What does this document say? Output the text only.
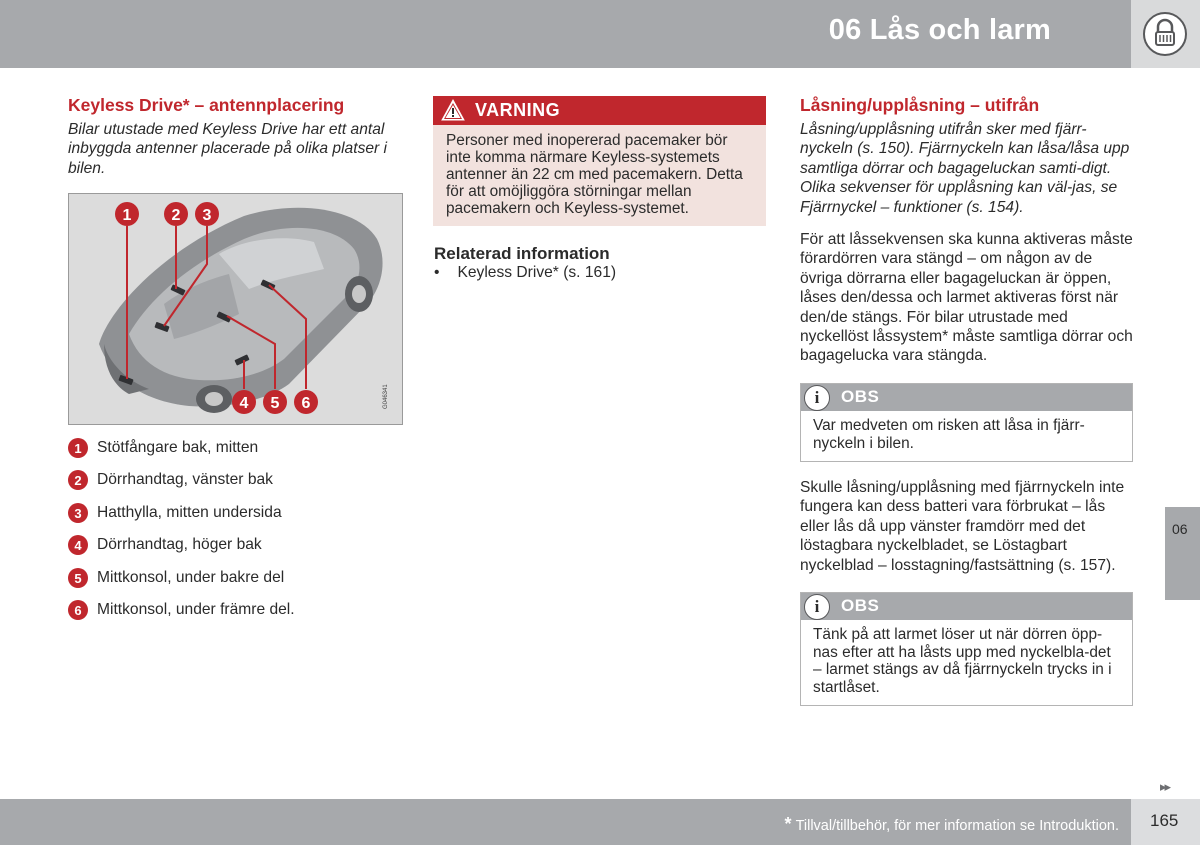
06 Lås och larm
Keyless Drive* – antennplacering
Bilar utustade med Keyless Drive har ett antal inbyggda antenner placerade på olika platser i bilen.
1	2 3
4 5 6	G046341
1 Stötfångare bak, mitten
2 Dörrhandtag, vänster bak
3 Hatthylla, mitten undersida
4 Dörrhandtag, höger bak
5 Mittkonsol, under bakre del
6 Mittkonsol, under främre del.
VARNING
Personer med inopererad pacemaker bör inte komma närmare Keyless-systemets antenner än 22 cm med pacemakern. Detta för att omöjliggöra störningar mellan pacemakern och Keyless-systemet.
Relaterad information
• Keyless Drive* (s. 161)
Låsning/upplåsning – utifrån
Låsning/upplåsning utifrån sker med fjärr-nyckeln (s. 150). Fjärrnyckeln kan låsa/låsa upp samtliga dörrar och bagageluckan samti-digt. Olika sekvenser för upplåsning kan väl-jas, se Fjärrnyckel – funktioner (s. 154).
För att låssekvensen ska kunna aktiveras måste förardörren vara stängd – om någon av de övriga dörrarna eller bagageluckan är öppen, låses den/dessa och larmet aktiveras först när den/de stängs. För bilar utrustade med nyckellöst låssystem* måste samtliga dörrar och bagagelucka vara stängda.
i	OBS
Var medveten om risken att låsa in fjärr-nyckeln i bilen.
Skulle låsning/upplåsning med fjärrnyckeln inte fungera kan dess batteri vara förbrukat – lås eller lås då upp vänster framdörr med det löstagbara nyckelbladet, se Löstagbart nyckelblad – losstagning/fastsättning (s. 157).
i	OBS
Tänk på att larmet löser ut när dörren öpp-nas efter att ha låsts upp med nyckelbla-det – larmet stängs av då fjärrnyckeln trycks in i startlåset.
06
▸▸
* Tillval/tillbehör, för mer information se Introduktion. 165
